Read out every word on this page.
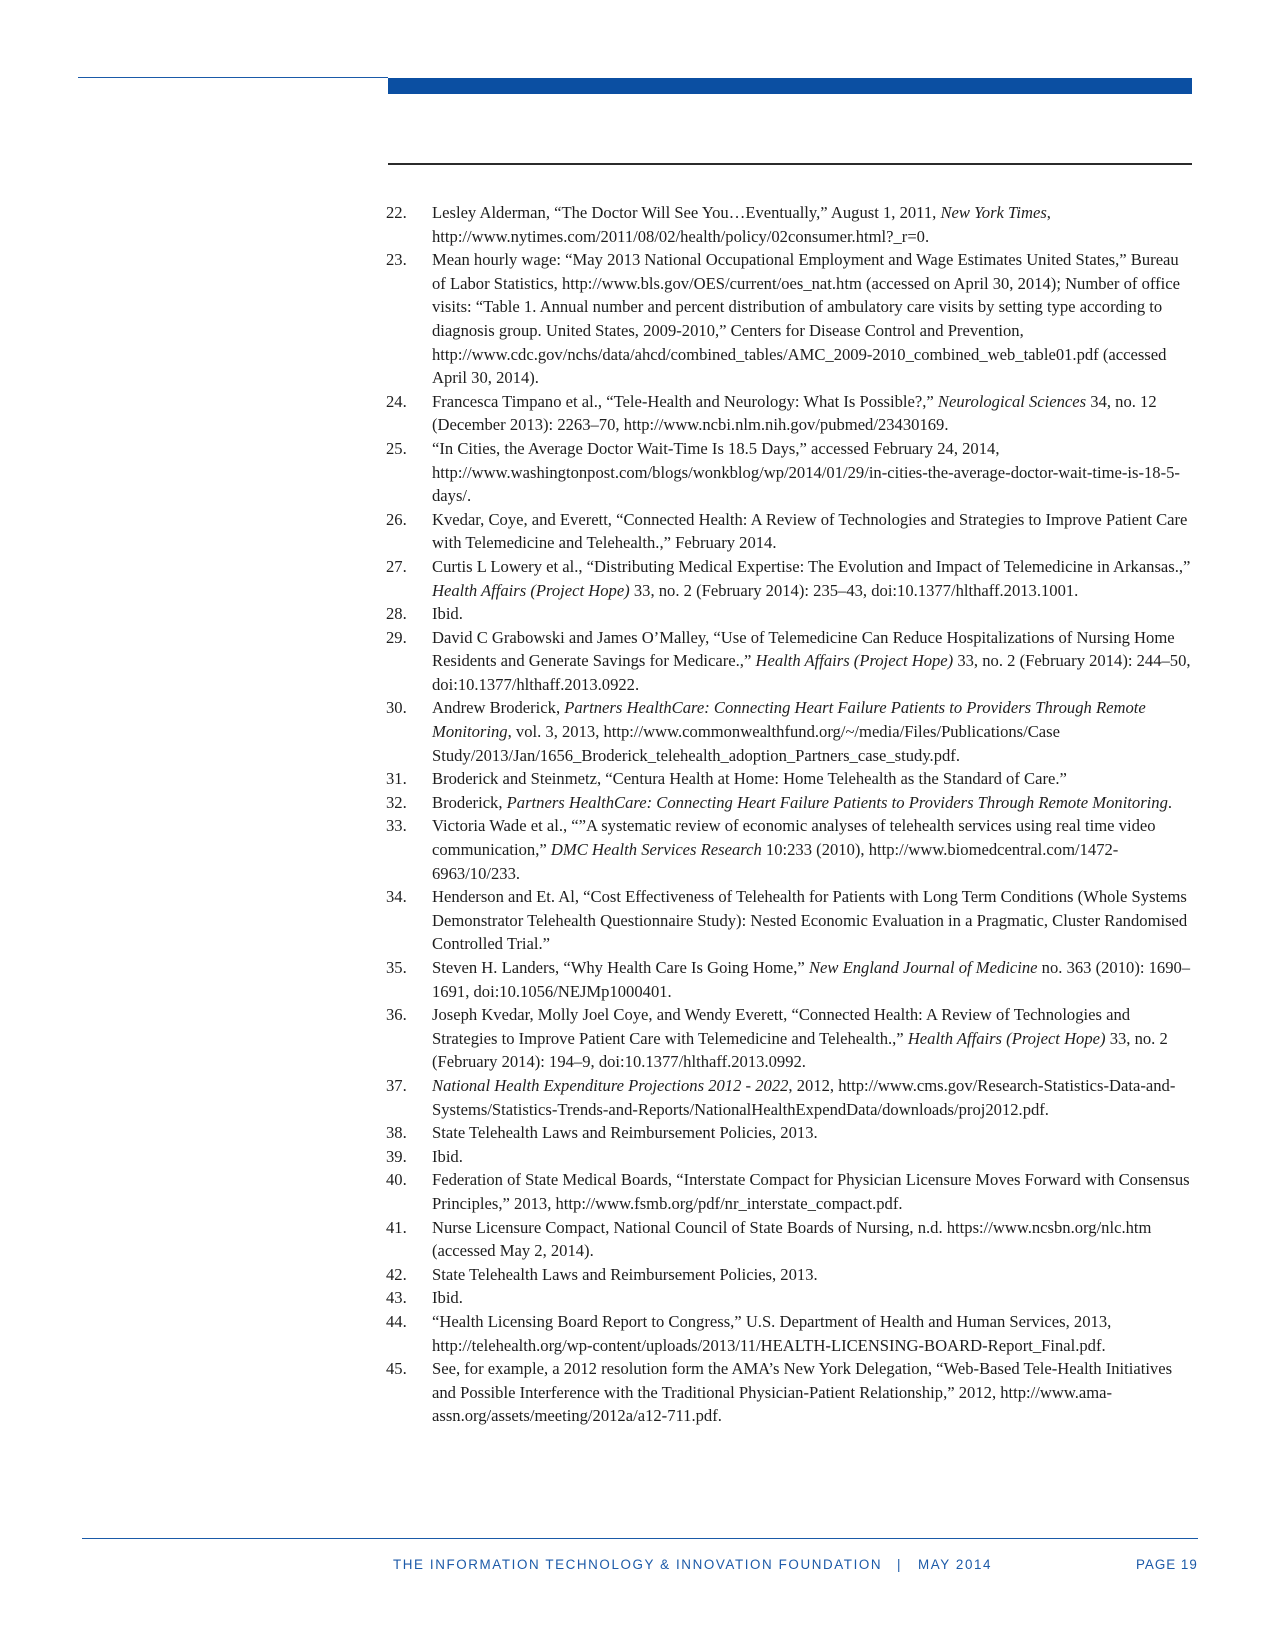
22.	Lesley Alderman, “The Doctor Will See You…Eventually,” August 1, 2011, New York Times, http://www.nytimes.com/2011/08/02/health/policy/02consumer.html?_r=0.
23.	Mean hourly wage: “May 2013 National Occupational Employment and Wage Estimates United States,” Bureau of Labor Statistics, http://www.bls.gov/OES/current/oes_nat.htm (accessed on April 30, 2014); Number of office visits: “Table 1. Annual number and percent distribution of ambulatory care visits by setting type according to diagnosis group. United States, 2009-2010,” Centers for Disease Control and Prevention, http://www.cdc.gov/nchs/data/ahcd/combined_tables/AMC_2009-2010_combined_web_table01.pdf (accessed April 30, 2014).
24.	Francesca Timpano et al., “Tele-Health and Neurology: What Is Possible?,” Neurological Sciences 34, no. 12 (December 2013): 2263–70, http://www.ncbi.nlm.nih.gov/pubmed/23430169.
25.	“In Cities, the Average Doctor Wait-Time Is 18.5 Days,” accessed February 24, 2014, http://www.washingtonpost.com/blogs/wonkblog/wp/2014/01/29/in-cities-the-average-doctor-wait-time-is-18-5-days/.
26.	Kvedar, Coye, and Everett, “Connected Health: A Review of Technologies and Strategies to Improve Patient Care with Telemedicine and Telehealth.,” February 2014.
27.	Curtis L Lowery et al., “Distributing Medical Expertise: The Evolution and Impact of Telemedicine in Arkansas.,” Health Affairs (Project Hope) 33, no. 2 (February 2014): 235–43, doi:10.1377/hlthaff.2013.1001.
28.	Ibid.
29.	David C Grabowski and James O’Malley, “Use of Telemedicine Can Reduce Hospitalizations of Nursing Home Residents and Generate Savings for Medicare.,” Health Affairs (Project Hope) 33, no. 2 (February 2014): 244–50, doi:10.1377/hlthaff.2013.0922.
30.	Andrew Broderick, Partners HealthCare: Connecting Heart Failure Patients to Providers Through Remote Monitoring, vol. 3, 2013, http://www.commonwealthfund.org/~/media/Files/Publications/Case Study/2013/Jan/1656_Broderick_telehealth_adoption_Partners_case_study.pdf.
31.	Broderick and Steinmetz, “Centura Health at Home: Home Telehealth as the Standard of Care.”
32.	Broderick, Partners HealthCare: Connecting Heart Failure Patients to Providers Through Remote Monitoring.
33.	Victoria Wade et al., “”A systematic review of economic analyses of telehealth services using real time video communication,” DMC Health Services Research 10:233 (2010), http://www.biomedcentral.com/1472-6963/10/233.
34.	Henderson and Et. Al, “Cost Effectiveness of Telehealth for Patients with Long Term Conditions (Whole Systems Demonstrator Telehealth Questionnaire Study): Nested Economic Evaluation in a Pragmatic, Cluster Randomised Controlled Trial.”
35.	Steven H. Landers, “Why Health Care Is Going Home,” New England Journal of Medicine no. 363 (2010): 1690–1691, doi:10.1056/NEJMp1000401.
36.	Joseph Kvedar, Molly Joel Coye, and Wendy Everett, “Connected Health: A Review of Technologies and Strategies to Improve Patient Care with Telemedicine and Telehealth.,” Health Affairs (Project Hope) 33, no. 2 (February 2014): 194–9, doi:10.1377/hlthaff.2013.0992.
37.	National Health Expenditure Projections 2012 - 2022, 2012, http://www.cms.gov/Research-Statistics-Data-and-Systems/Statistics-Trends-and-Reports/NationalHealthExpendData/downloads/proj2012.pdf.
38.	State Telehealth Laws and Reimbursement Policies, 2013.
39.	Ibid.
40.	Federation of State Medical Boards, “Interstate Compact for Physician Licensure Moves Forward with Consensus Principles,” 2013, http://www.fsmb.org/pdf/nr_interstate_compact.pdf.
41.	Nurse Licensure Compact, National Council of State Boards of Nursing, n.d. https://www.ncsbn.org/nlc.htm (accessed May 2, 2014).
42.	State Telehealth Laws and Reimbursement Policies, 2013.
43.	Ibid.
44.	“Health Licensing Board Report to Congress,” U.S. Department of Health and Human Services, 2013, http://telehealth.org/wp-content/uploads/2013/11/HEALTH-LICENSING-BOARD-Report_Final.pdf.
45.	See, for example, a 2012 resolution form the AMA’s New York Delegation, “Web-Based Tele-Health Initiatives and Possible Interference with the Traditional Physician-Patient Relationship,” 2012, http://www.ama-assn.org/assets/meeting/2012a/a12-711.pdf.
THE INFORMATION TECHNOLOGY & INNOVATION FOUNDATION | MAY 2014	PAGE 19
